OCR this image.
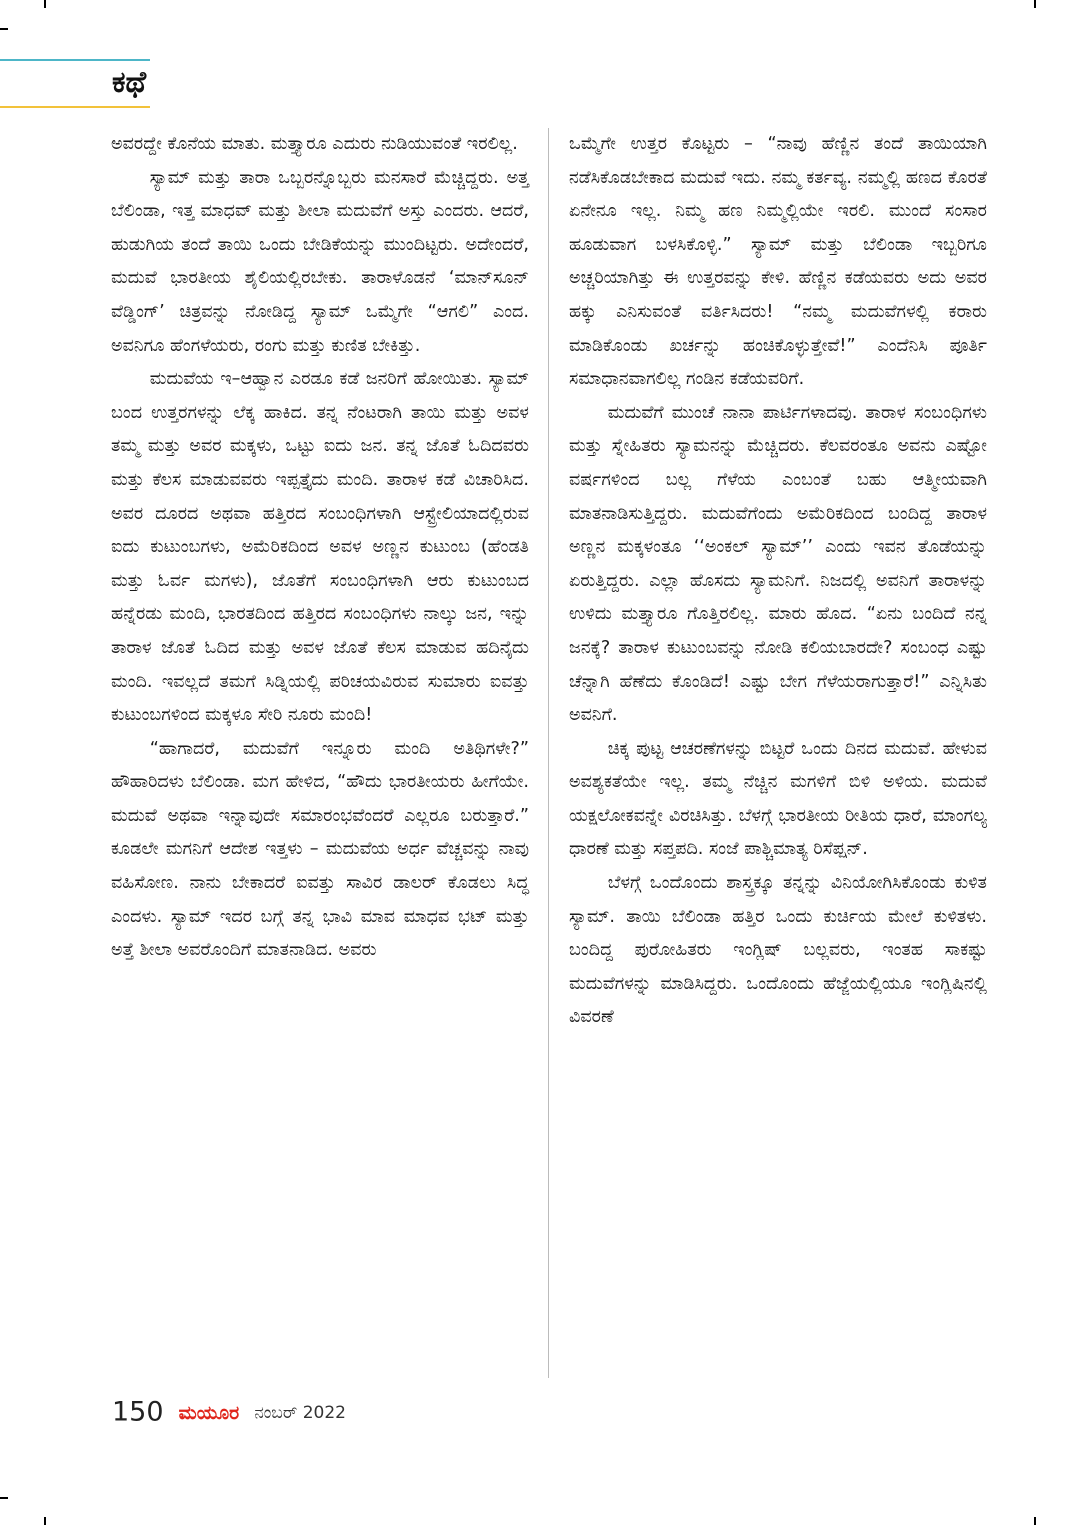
ಕಥೆ

ಅವರದ್ದೇ ಕೊನೆಯ ಮಾತು. ಮತ್ತ್ಯಾರೂ ಎದುರು ನುಡಿಯುವಂತೆ ಇರಲಿಲ್ಲ.

ಸ್ಯಾಮ್ ಮತ್ತು ತಾರಾ ಒಬ್ಬರನ್ನೊಬ್ಬರು ಮನಸಾರೆ ಮೆಚ್ಚಿದ್ದರು. ಅತ್ತ ಬೆಲಿಂಡಾ, ಇತ್ತ ಮಾಧವ್ ಮತ್ತು ಶೀಲಾ ಮದುವೆಗೆ ಅಸ್ತು ಎಂದರು. ಆದರೆ, ಹುಡುಗಿಯ ತಂದೆ ತಾಯಿ ಒಂದು ಬೇಡಿಕೆಯನ್ನು ಮುಂದಿಟ್ಟರು. ಅದೇಂದರೆ, ಮದುವೆ ಭಾರತೀಯ ಶೈಲಿಯಲ್ಲಿರಬೇಕು. ತಾರಾಳೊಡನೆ ‘ಮಾನ್‌ಸೂನ್ ವೆಡ್ಡಿಂಗ್’ ಚಿತ್ರವನ್ನು ನೋಡಿದ್ದ ಸ್ಯಾಮ್ ಒಮ್ಮೆಗೇ “ಆಗಲಿ” ಎಂದ. ಅವನಿಗೂ ಹೆಂಗಳೆಯರು, ರಂಗು ಮತ್ತು ಕುಣಿತ ಬೇಕಿತ್ತು.

ಮದುವೆಯ ಇ–ಆಹ್ವಾನ ಎರಡೂ ಕಡೆ ಜನರಿಗೆ ಹೋಯಿತು. ಸ್ಯಾಮ್ ಬಂದ ಉತ್ತರಗಳನ್ನು ಲೆಕ್ಕ ಹಾಕಿದ. ತನ್ನ ನೆಂಟರಾಗಿ ತಾಯಿ ಮತ್ತು ಅವಳ ತಮ್ಮ ಮತ್ತು ಅವರ ಮಕ್ಕಳು, ಒಟ್ಟು ಐದು ಜನ. ತನ್ನ ಜೊತೆ ಓದಿದವರು ಮತ್ತು ಕೆಲಸ ಮಾಡುವವರು ಇಪ್ಪತ್ತೈದು ಮಂದಿ. ತಾರಾಳ ಕಡೆ ವಿಚಾರಿಸಿದ. ಅವರ ದೂರದ ಅಥವಾ ಹತ್ತಿರದ ಸಂಬಂಧಿಗಳಾಗಿ ಆಸ್ಟ್ರೇಲಿಯಾದಲ್ಲಿರುವ ಐದು ಕುಟುಂಬಗಳು, ಅಮೆರಿಕದಿಂದ ಅವಳ ಅಣ್ಣನ ಕುಟುಂಬ (ಹೆಂಡತಿ ಮತ್ತು ಓರ್ವ ಮಗಳು), ಜೊತೆಗೆ ಸಂಬಂಧಿಗಳಾಗಿ ಆರು ಕುಟುಂಬದ ಹನ್ನೆರಡು ಮಂದಿ, ಭಾರತದಿಂದ ಹತ್ತಿರದ ಸಂಬಂಧಿಗಳು ನಾಲ್ಕು ಜನ, ಇನ್ನು ತಾರಾಳ ಜೊತೆ ಓದಿದ ಮತ್ತು ಅವಳ ಜೊತೆ ಕೆಲಸ ಮಾಡುವ ಹದಿನೈದು ಮಂದಿ. ಇವಲ್ಲದೆ ತಮಗೆ ಸಿಡ್ನಿಯಲ್ಲಿ ಪರಿಚಯವಿರುವ ಸುಮಾರು ಐವತ್ತು ಕುಟುಂಬಗಳಿಂದ ಮಕ್ಕಳೂ ಸೇರಿ ನೂರು ಮಂದಿ!

“ಹಾಗಾದರೆ, ಮದುವೆಗೆ ಇನ್ನೂರು ಮಂದಿ ಅತಿಥಿಗಳೇ?” ಹೌಹಾರಿದಳು ಬೆಲಿಂಡಾ. ಮಗ ಹೇಳಿದ, “ಹೌದು ಭಾರತೀಯರು ಹೀಗೆಯೇ. ಮದುವೆ ಅಥವಾ ಇನ್ನಾವುದೇ ಸಮಾರಂಭವೆಂದರೆ ಎಲ್ಲರೂ ಬರುತ್ತಾರೆ.” ಕೂಡಲೇ ಮಗನಿಗೆ ಆದೇಶ ಇತ್ತಳು – ಮದುವೆಯ ಅರ್ಧ ವೆಚ್ಚವನ್ನು ನಾವು ವಹಿಸೋಣ. ನಾನು ಬೇಕಾದರೆ ಐವತ್ತು ಸಾವಿರ ಡಾಲರ್ ಕೊಡಲು ಸಿದ್ಧ ಎಂದಳು. ಸ್ಯಾಮ್ ಇದರ ಬಗ್ಗೆ ತನ್ನ ಭಾವಿ ಮಾವ ಮಾಧವ ಭಟ್ ಮತ್ತು ಅತ್ತೆ ಶೀಲಾ ಅವರೊಂದಿಗೆ ಮಾತನಾಡಿದ. ಅವರು

ಒಮ್ಮೆಗೇ ಉತ್ತರ ಕೊಟ್ಟರು – “ನಾವು ಹೆಣ್ಣಿನ ತಂದೆ ತಾಯಿಯಾಗಿ ನಡೆಸಿಕೊಡಬೇಕಾದ ಮದುವೆ ಇದು. ನಮ್ಮ ಕರ್ತವ್ಯ. ನಮ್ಮಲ್ಲಿ ಹಣದ ಕೊರತೆ ಏನೇನೂ ಇಲ್ಲ. ನಿಮ್ಮ ಹಣ ನಿಮ್ಮಲ್ಲಿಯೇ ಇರಲಿ. ಮುಂದೆ ಸಂಸಾರ ಹೂಡುವಾಗ ಬಳಸಿಕೊಳ್ಳಿ.” ಸ್ಯಾಮ್ ಮತ್ತು ಬೆಲಿಂಡಾ ಇಬ್ಬರಿಗೂ ಅಚ್ಚರಿಯಾಗಿತ್ತು ಈ ಉತ್ತರವನ್ನು ಕೇಳಿ. ಹೆಣ್ಣಿನ ಕಡೆಯವರು ಅದು ಅವರ ಹಕ್ಕು ಎನಿಸುವಂತೆ ವರ್ತಿಸಿದರು! “ನಮ್ಮ ಮದುವೆಗಳಲ್ಲಿ ಕರಾರು ಮಾಡಿಕೊಂಡು ಖರ್ಚನ್ನು ಹಂಚಿಕೊಳ್ಳುತ್ತೇವೆ!” ಎಂದೆನಿಸಿ ಪೂರ್ತಿ ಸಮಾಧಾನವಾಗಲಿಲ್ಲ ಗಂಡಿನ ಕಡೆಯವರಿಗೆ.

ಮದುವೆಗೆ ಮುಂಚೆ ನಾನಾ ಪಾರ್ಟಿಗಳಾದವು. ತಾರಾಳ ಸಂಬಂಧಿಗಳು ಮತ್ತು ಸ್ನೇಹಿತರು ಸ್ಯಾಮನನ್ನು ಮೆಚ್ಚಿದರು. ಕೆಲವರಂತೂ ಅವನು ಎಷ್ಟೋ ವರ್ಷಗಳಿಂದ ಬಲ್ಲ ಗೆಳೆಯ ಎಂಬಂತೆ ಬಹು ಆತ್ಮೀಯವಾಗಿ ಮಾತನಾಡಿಸುತ್ತಿದ್ದರು. ಮದುವೆಗೆಂದು ಅಮೆರಿಕದಿಂದ ಬಂದಿದ್ದ ತಾರಾಳ ಅಣ್ಣನ ಮಕ್ಕಳಂತೂ ‘‘ಅಂಕಲ್ ಸ್ಯಾಮ್’’ ಎಂದು ಇವನ ತೊಡೆಯನ್ನು ಏರುತ್ತಿದ್ದರು. ಎಲ್ಲಾ ಹೊಸದು ಸ್ಯಾಮನಿಗೆ. ನಿಜದಲ್ಲಿ ಅವನಿಗೆ ತಾರಾಳನ್ನು ಉಳಿದು ಮತ್ತ್ಯಾರೂ ಗೊತ್ತಿರಲಿಲ್ಲ. ಮಾರು ಹೊದ. “ಏನು ಬಂದಿದೆ ನನ್ನ ಜನಕ್ಕೆ? ತಾರಾಳ ಕುಟುಂಬವನ್ನು ನೋಡಿ ಕಲಿಯಬಾರದೇ? ಸಂಬಂಧ ಎಷ್ಟು ಚೆನ್ನಾಗಿ ಹೆಣೆದು ಕೊಂಡಿದೆ! ಎಷ್ಟು ಬೇಗ ಗೆಳೆಯರಾಗುತ್ತಾರೆ!” ಎನ್ನಿಸಿತು ಅವನಿಗೆ.

ಚಿಕ್ಕ ಪುಟ್ಟ ಆಚರಣೆಗಳನ್ನು ಬಿಟ್ಟರೆ ಒಂದು ದಿನದ ಮದುವೆ. ಹೇಳುವ ಅವಶ್ಯಕತೆಯೇ ಇಲ್ಲ. ತಮ್ಮ ನೆಚ್ಚಿನ ಮಗಳಿಗೆ ಬಿಳಿ ಅಳಿಯ. ಮದುವೆ ಯಕ್ಷಲೋಕವನ್ನೇ ವಿರಚಿಸಿತ್ತು. ಬೆಳಗ್ಗೆ ಭಾರತೀಯ ರೀತಿಯ ಧಾರೆ, ಮಾಂಗಲ್ಯ ಧಾರಣೆ ಮತ್ತು ಸಪ್ತಪದಿ. ಸಂಜೆ ಪಾಶ್ಚಿಮಾತ್ಯ ರಿಸೆಪ್ಷನ್.

ಬೆಳಗ್ಗೆ ಒಂದೊಂದು ಶಾಸ್ತ್ರಕ್ಕೂ ತನ್ನನ್ನು ವಿನಿಯೋಗಿಸಿಕೊಂಡು ಕುಳಿತ ಸ್ಯಾಮ್. ತಾಯಿ ಬೆಲಿಂಡಾ ಹತ್ತಿರ ಒಂದು ಕುರ್ಚಿಯ ಮೇಲೆ ಕುಳಿತಳು. ಬಂದಿದ್ದ ಪುರೋಹಿತರು ಇಂಗ್ಲಿಷ್ ಬಲ್ಲವರು, ಇಂತಹ ಸಾಕಷ್ಟು ಮದುವೆಗಳನ್ನು ಮಾಡಿಸಿದ್ದರು. ಒಂದೊಂದು ಹೆಜ್ಜೆಯಲ್ಲಿಯೂ ಇಂಗ್ಲಿಷಿನಲ್ಲಿ ವಿವರಣೆ

150 ಮಯೂರ ನಂಬರ್ 2022
